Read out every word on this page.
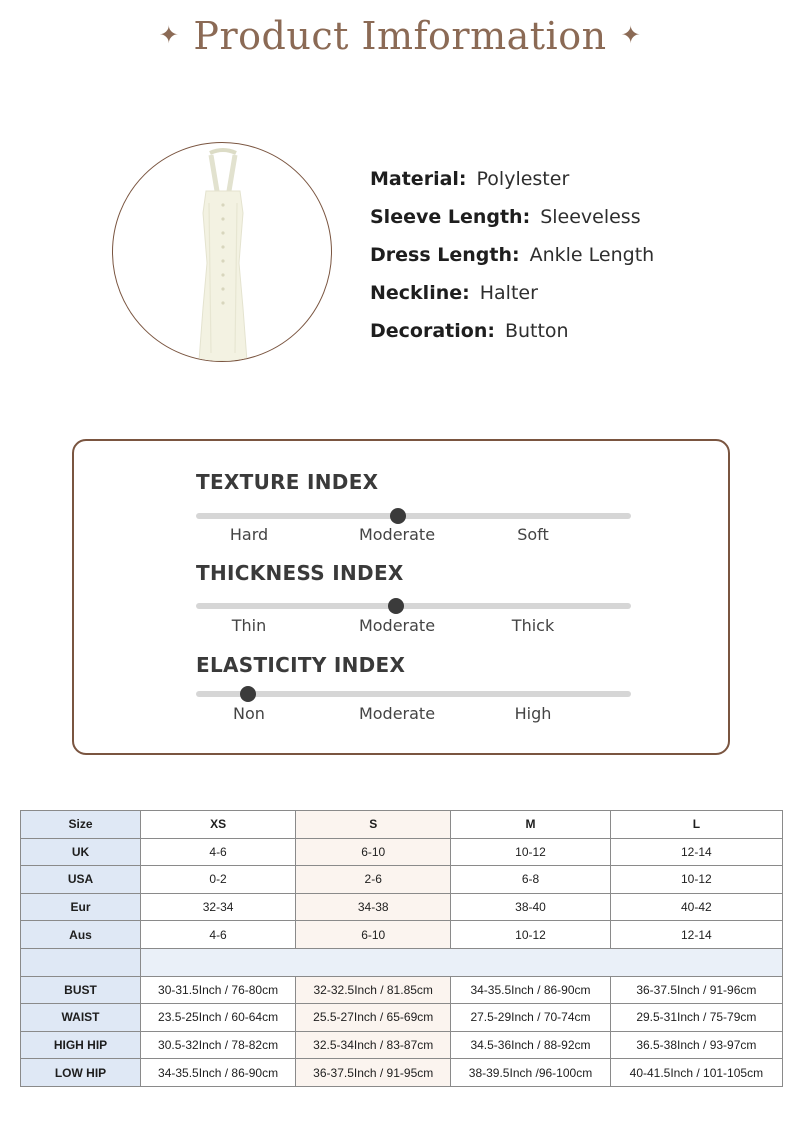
✦ Product Imformation ✦
Material: Polylester
Sleeve Length: Sleeveless
Dress Length: Ankle Length
Neckline: Halter
Decoration: Button
TEXTURE INDEX
Hard	Moderate	Soft
THICKNESS INDEX
Thin	Moderate	Thick
ELASTICITY INDEX
Non	Moderate	High
Size	XS	S	M	L
UK	4-6	6-10	10-12	12-14
USA	0-2	2-6	6-8	10-12
Eur	32-34	34-38	38-40	40-42
Aus	4-6	6-10	10-12	12-14

BUST	30-31.5Inch / 76-80cm	32-32.5Inch / 81.85cm	34-35.5Inch / 86-90cm	36-37.5Inch / 91-96cm
WAIST	23.5-25Inch / 60-64cm	25.5-27Inch / 65-69cm	27.5-29Inch / 70-74cm	29.5-31Inch / 75-79cm
HIGH HIP	30.5-32Inch / 78-82cm	32.5-34Inch / 83-87cm	34.5-36Inch / 88-92cm	36.5-38Inch / 93-97cm
LOW HIP	34-35.5Inch / 86-90cm	36-37.5Inch / 91-95cm	38-39.5Inch /96-100cm	40-41.5Inch / 101-105cm
